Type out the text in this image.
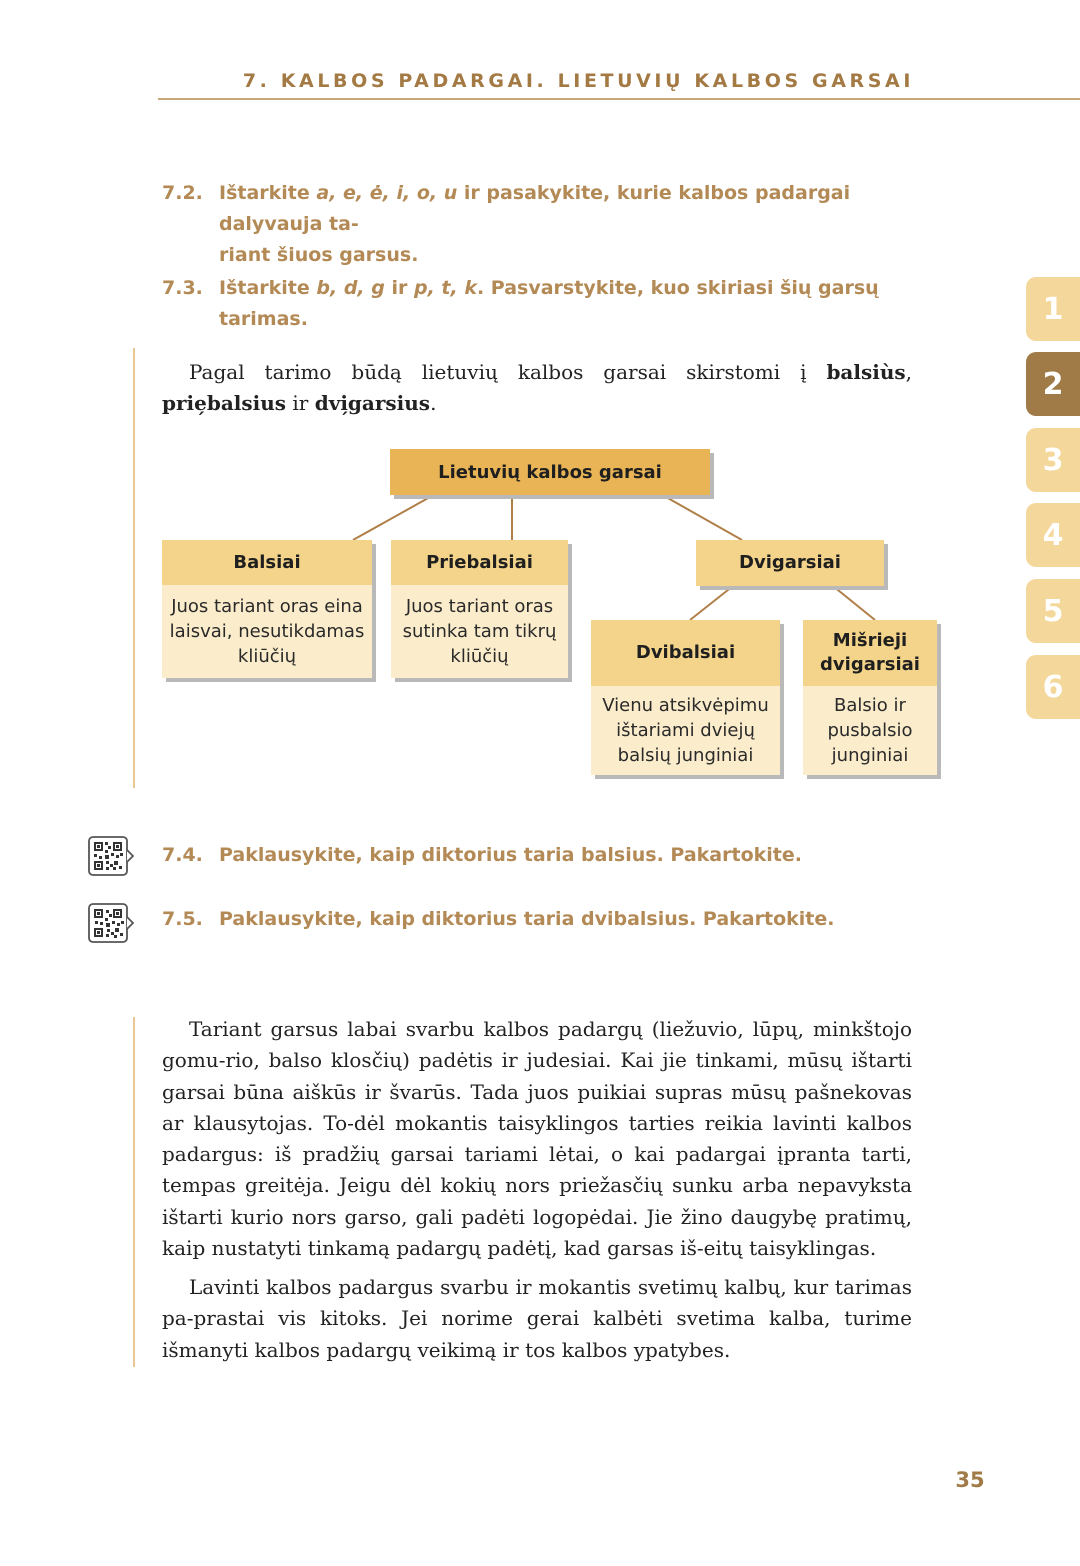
7. KALBOS PADARGAI. LIETUVIŲ KALBOS GARSAI
7.2. Ištarkite a, e, ė, i, o, u ir pasakykite, kurie kalbos padargai dalyvauja ta-
riant šiuos garsus.
7.3. Ištarkite b, d, g ir p, t, k. Pasvarstykite, kuo skiriasi šių garsų tarimas.

Pagal tarimo būdą lietuvių kalbos garsai skirstomi į balsiùs, prie̗balsius ir dvi̗garsius.

Lietuvių kalbos garsai
Balsiai
Juos tariant oras eina laisvai, nesutikdamas kliūčių
Priebalsiai
Juos tariant oras sutinka tam tikrų kliūčių
Dvigarsiai
Dvibalsiai
Vienu atsikvėpimu ištariami dviejų balsių junginiai
Mišrieji dvigarsiai
Balsio ir pusbalsio junginiai
7.4. Paklausykite, kaip diktorius taria balsius. Pakartokite.
7.5. Paklausykite, kaip diktorius taria dvibalsius. Pakartokite.

Tariant garsus labai svarbu kalbos padargų (liežuvio, lūpų, minkštojo gomu-rio, balso klosčių) padėtis ir judesiai. Kai jie tinkami, mūsų ištarti garsai būna aiškūs ir švarūs. Tada juos puikiai supras mūsų pašnekovas ar klausytojas. To-dėl mokantis taisyklingos tarties reikia lavinti kalbos padargus: iš pradžių garsai tariami lėtai, o kai padargai įpranta tarti, tempas greitėja. Jeigu dėl kokių nors priežasčių sunku arba nepavyksta ištarti kurio nors garso, gali padėti logopėdai. Jie žino daugybę pratimų, kaip nustatyti tinkamą padargų padėtį, kad garsas iš-eitų taisyklingas.

Lavinti kalbos padargus svarbu ir mokantis svetimų kalbų, kur tarimas pa-prastai vis kitoks. Jei norime gerai kalbėti svetima kalba, turime išmanyti kalbos padargų veikimą ir tos kalbos ypatybes.

1
2
3
4
5
6
35
